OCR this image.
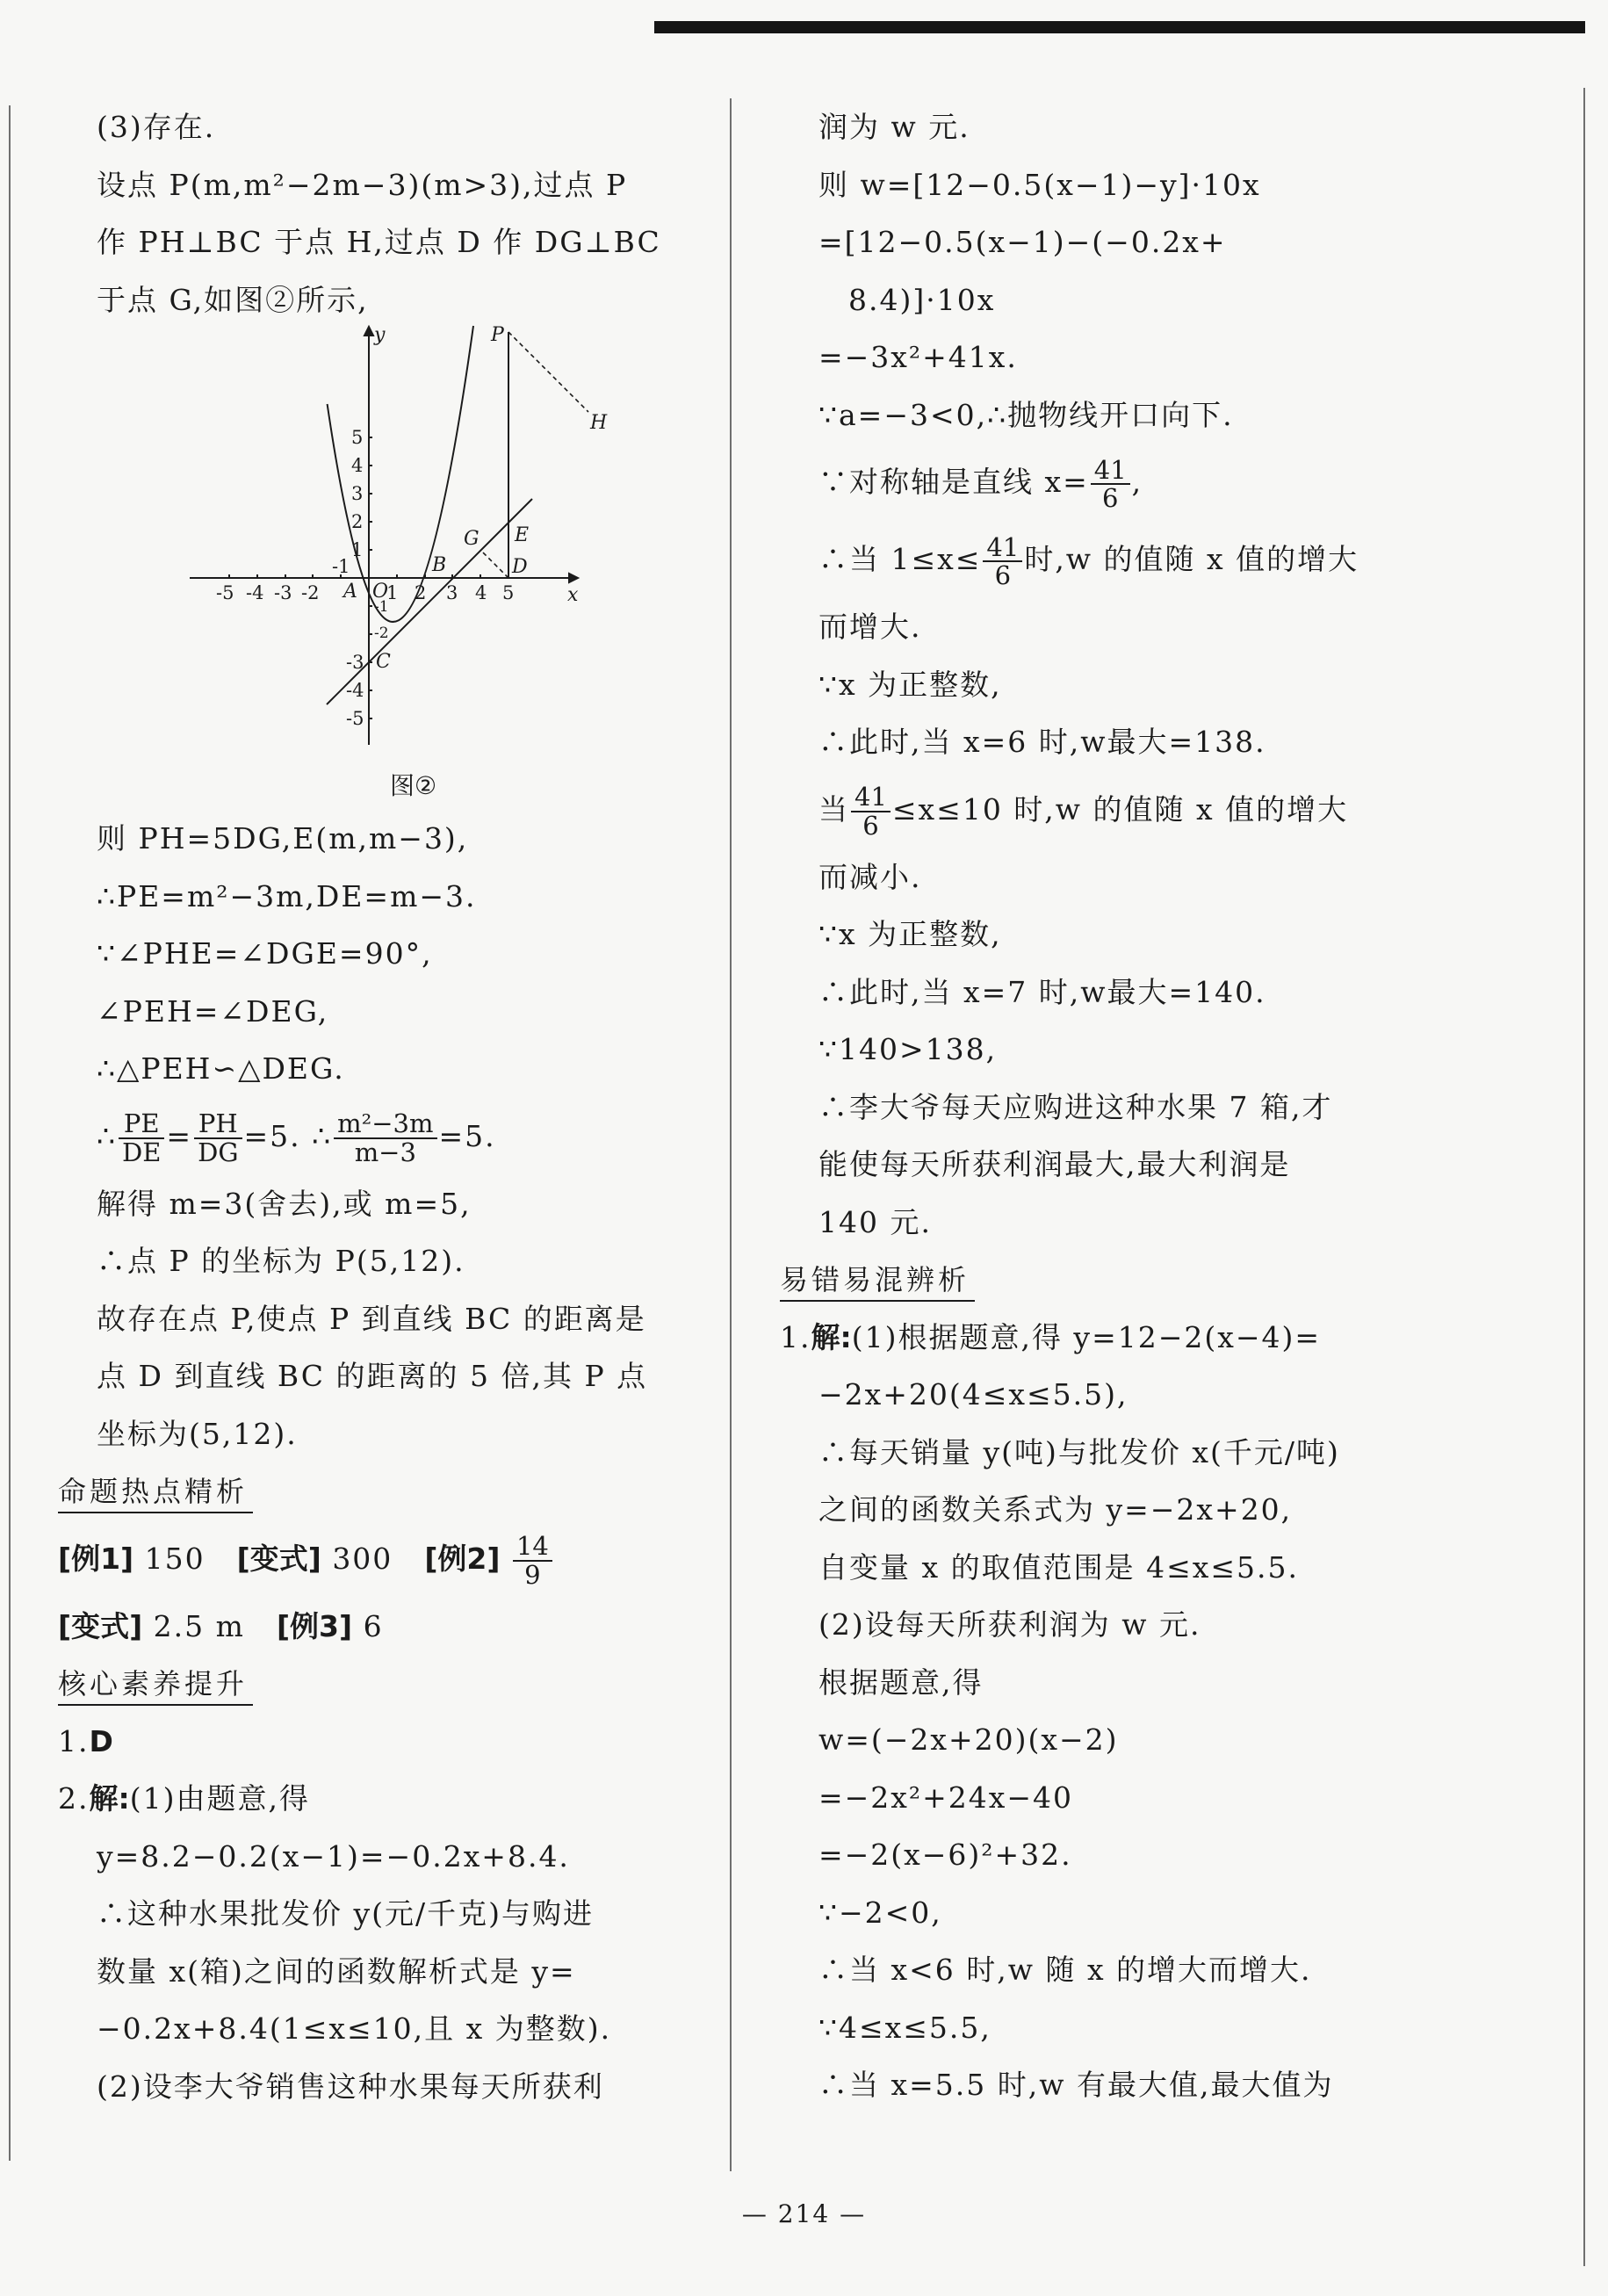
(3)存在.
设点 P(m,m²−2m−3)(m>3),过点 P
作 PH⊥BC 于点 H,过点 D 作 DG⊥BC
于点 G,如图②所示,
y
x
O
A
B
C
D
E
G
H
P
-5 -4 -3 -2
-1
1 2 3 4 5
1
2
3
4
5
-1
-2
-3
-4
-5
图②
则 PH=5DG,E(m,m−3),
∴PE=m²−3m,DE=m−3.
∵∠PHE=∠DGE=90°,
∠PEH=∠DEG,
∴△PEH∽△DEG.
∴ $\frac{PE}{DE} = \frac{PH}{DG} =5$. ∴ $\frac{\text{m²−3m}}{m-3} =5$.
解得 m=3(舍去),或 m=5,
∴点 P 的坐标为 P(5,12).
故存在点 P,使点 P 到直线 BC 的距离是
点 D 到直线 BC 的距离的 5 倍,其 P 点
坐标为(5,12).
命题热点精析
[例1] 150 [变式] 300 [例$2] \frac{14}{9}$
[变式] 2.5 m [例3] 6
核心素养提升
1.D
2.解:(1)由题意,得
y=8.2−0.2(x−1)=−0.2x+8.4.
∴这种水果批发价 y(元/千克)与购进
数量 x(箱)之间的函数解析式是 y=
−0.2x+8.4(1≤x≤10,且 x 为整数).
(2)设李大爷销售这种水果每天所获利
润为 w 元.
则 w=[12−0.5(x−1)−y]·10x
=[12−0.5(x−1)−(−0.2x+
8.4)]·10x
=−3x²+41x.
∵a=−3<0,∴抛物线开口向下.
∵对称轴是直线 $x= \frac{41}{6}$ ,
∴当 $1\le x\le \frac{41}{6}$ 时,w 的值随 x 值的增大
而增大.
∵x 为正整数,
∴此时,当 x=6 时,w最大=138.
当 $\frac{41}{6} \le x\le 10$ 时,w 的值随 x 值的增大
而减小.
∵x 为正整数,
∴此时,当 x=7 时,w最大=140.
∵140>138,
∴李大爷每天应购进这种水果 7 箱,才
能使每天所获利润最大,最大利润是
140 元.
易错易混辨析
1.解:(1)根据题意,得 y=12−2(x−4)=
−2x+20(4≤x≤5.5),
∴每天销量 y(吨)与批发价 x(千元/吨)
之间的函数关系式为 y=−2x+20,
自变量 x 的取值范围是 4≤x≤5.5.
(2)设每天所获利润为 w 元.
根据题意,得
w=(−2x+20)(x−2)
=−2x²+24x−40
=−2(x−6)²+32.
∵−2<0,
∴当 x<6 时,w 随 x 的增大而增大.
∵4≤x≤5.5,
∴当 x=5.5 时,w 有最大值,最大值为
— 214 —
